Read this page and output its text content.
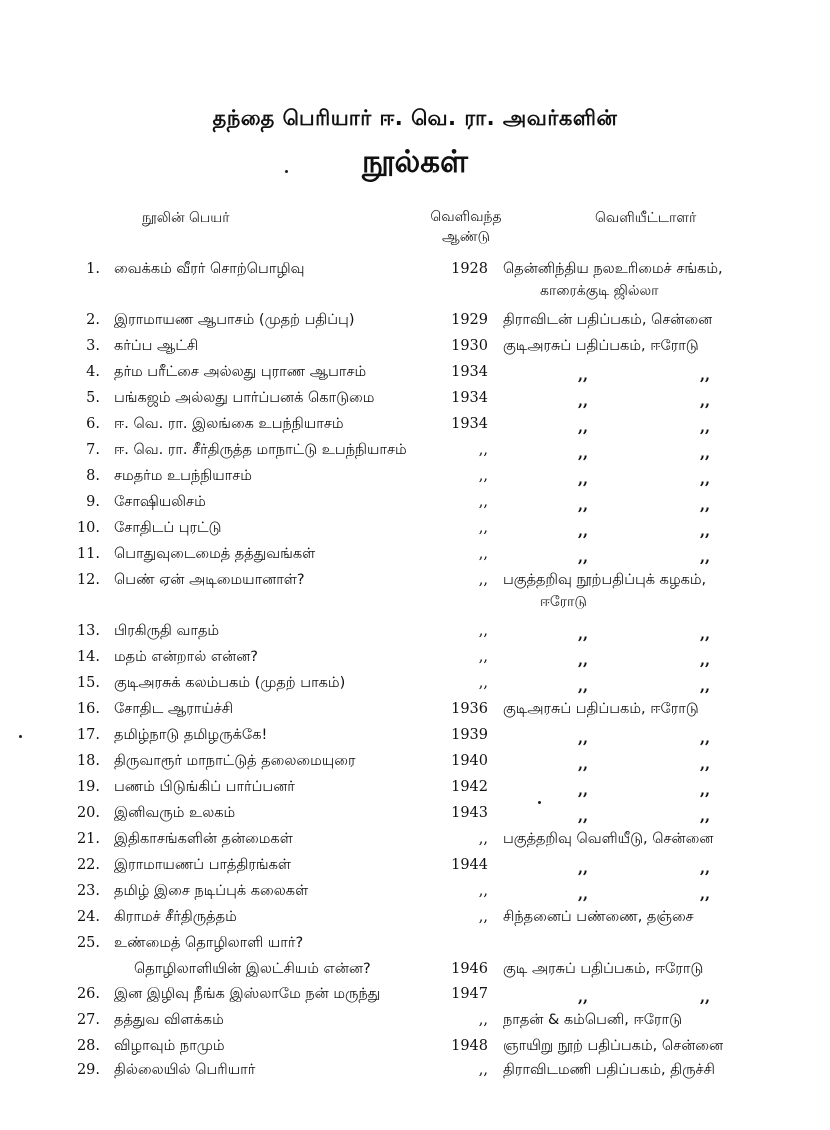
தந்தை பெரியார் ஈ. வெ. ரா. அவர்களின்
நூல்கள்
நூலின் பெயர்	வெளிவந்த
ஆண்டு
வெளியீட்டாளர்
1. வைக்கம் வீரர் சொற்பொழிவு	1928 தென்னிந்திய நலஉரிமைச் சங்கம்,
காரைக்குடி ஜில்லா
2. இராமாயண ஆபாசம் (முதற் பதிப்பு)	1929 திராவிடன் பதிப்பகம், சென்னை
3. கர்ப்ப ஆட்சி	1930 குடிஅரசுப் பதிப்பகம், ஈரோடு
4. தர்ம பரீட்சை அல்லது புராண ஆபாசம்	1934	,,	,,
5. பங்கஜம் அல்லது பார்ப்பனக் கொடுமை	1934	,,	,,
6. ஈ. வெ. ரா. இலங்கை உபந்நியாசம்	1934	,,	,,
7. ஈ. வெ. ரா. சீர்திருத்த மாநாட்டு உபந்நியாசம்	,,	,,	,,
8. சமதர்ம உபந்நியாசம்	,,	,,	,,
9. சோஷியலிசம்	,,	,,	,,
10. சோதிடப் புரட்டு	,,	,,	,,
11. பொதுவுடைமைத் தத்துவங்கள்	,,	,,	,,
12. பெண் ஏன் அடிமையானாள்?	,, பகுத்தறிவு நூற்பதிப்புக் கழகம்,
ஈரோடு
13. பிரகிருதி வாதம்	,,	,,	,,
14. மதம் என்றால் என்ன?	,,	,,	,,
15. குடிஅரசுக் கலம்பகம் (முதற் பாகம்)	,,	,,	,,
16. சோதிட ஆராய்ச்சி	1936 குடிஅரசுப் பதிப்பகம், ஈரோடு
17. தமிழ்நாடு தமிழருக்கே!	1939	,,	,,
18. திருவாரூர் மாநாட்டுத் தலைமையுரை	1940	,,	,,
19. பணம் பிடுங்கிப் பார்ப்பனர்	1942	,,	,,
20. இனிவரும் உலகம்	1943	,,	,,
21. இதிகாசங்களின் தன்மைகள்	,, பகுத்தறிவு வெளியீடு, சென்னை
22. இராமாயணப் பாத்திரங்கள்	1944	,,	,,
23. தமிழ் இசை நடிப்புக் கலைகள்	,,	,,	,,
24. கிராமச் சீர்திருத்தம்	,, சிந்தனைப் பண்ணை, தஞ்சை
25. உண்மைத் தொழிலாளி யார்?
தொழிலாளியின் இலட்சியம் என்ன?	1946 குடி அரசுப் பதிப்பகம், ஈரோடு
26. இன இழிவு நீங்க இஸ்லாமே நன் மருந்து	1947	,,	,,
27. தத்துவ விளக்கம்	,, நாதன் & கம்பெனி, ஈரோடு
28. விழாவும் நாமும்	1948 ஞாயிறு நூற் பதிப்பகம், சென்னை
29. தில்லையில் பெரியார்	,, திராவிடமணி பதிப்பகம், திருச்சி
